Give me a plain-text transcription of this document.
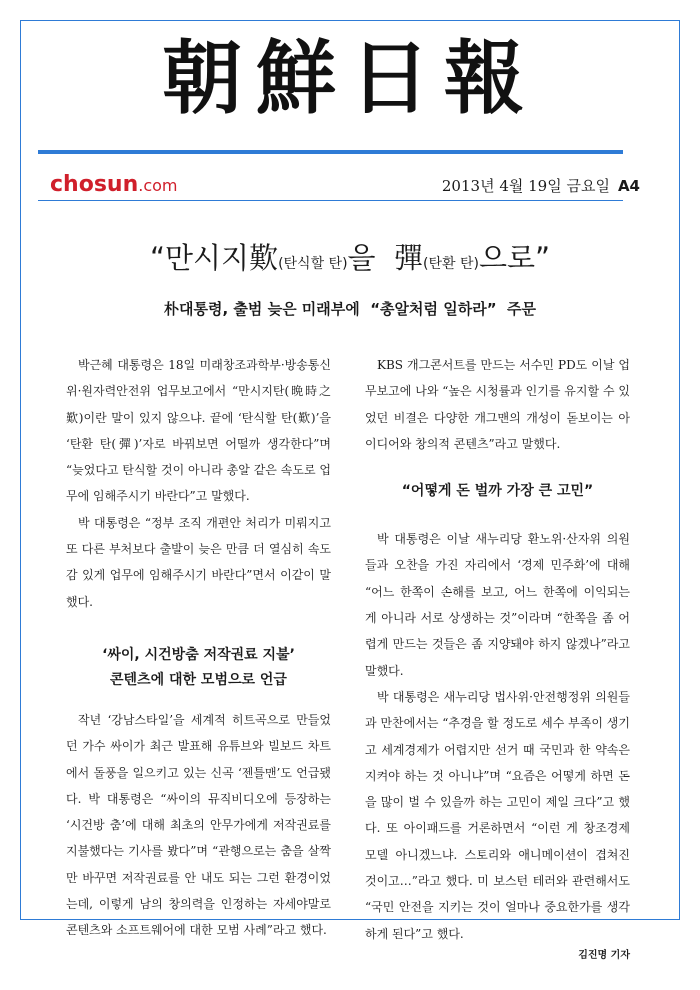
朝鮮日報
chosun.com	2013년 4월 19일 금요일 A4
“만시지歎(탄식할 탄)을  彈(탄환 탄)으로”
朴대통령, 출범 늦은 미래부에  “총알처럼 일하라”  주문

박근혜 대통령은 18일 미래창조과학부·방송통신위·원자력안전위 업무보고에서 “만시지탄(晩時之歎)이란 말이 있지 않으냐. 끝에 ‘탄식할 탄(歎)’을 ‘탄환 탄(彈)’자로 바꿔보면 어떨까 생각한다”며 “늦었다고 탄식할 것이 아니라 총알 같은 속도로 업무에 임해주시기 바란다”고 말했다.

박 대통령은 “정부 조직 개편안 처리가 미뤄지고 또 다른 부처보다 출발이 늦은 만큼 더 열심히 속도감 있게 업무에 임해주시기 바란다”면서 이같이 말했다.

‘싸이, 시건방춤 저작권료 지불’
콘텐츠에 대한 모범으로 언급

작년 ‘강남스타일’을 세계적 히트곡으로 만들었던 가수 싸이가 최근 발표해 유튜브와 빌보드 차트에서 돌풍을 일으키고 있는 신곡 ‘젠틀맨’도 언급됐다. 박 대통령은 “싸이의 뮤직비디오에 등장하는 ‘시건방 춤’에 대해 최초의 안무가에게 저작권료를 지불했다는 기사를 봤다”며 “관행으로는 춤을 살짝만 바꾸면 저작권료를 안 내도 되는 그런 환경이었는데, 이렇게 남의 창의력을 인정하는 자세야말로 콘텐츠와 소프트웨어에 대한 모범 사례”라고 했다.

KBS 개그콘서트를 만드는 서수민 PD도 이날 업무보고에 나와 “높은 시청률과 인기를 유지할 수 있었던 비결은 다양한 개그맨의 개성이 돋보이는 아이디어와 창의적 콘텐츠”라고 말했다.

“어떻게 돈 벌까 가장 큰 고민”

박 대통령은 이날 새누리당 환노위·산자위 의원들과 오찬을 가진 자리에서 ‘경제 민주화’에 대해 “어느 한쪽이 손해를 보고, 어느 한쪽에 이익되는 게 아니라 서로 상생하는 것”이라며 “한쪽을 좀 어렵게 만드는 것들은 좀 지양돼야 하지 않겠나”라고 말했다.

박 대통령은 새누리당 법사위·안전행정위 의원들과 만찬에서는 “추경을 할 정도로 세수 부족이 생기고 세계경제가 어렵지만 선거 때 국민과 한 약속은 지켜야 하는 것 아니냐”며 “요즘은 어떻게 하면 돈을 많이 벌 수 있을까 하는 고민이 제일 크다”고 했다. 또 아이패드를 거론하면서 “이런 게 창조경제 모델 아니겠느냐. 스토리와 애니메이션이 겹쳐진 것이고…”라고 했다. 미 보스턴 테러와 관련해서도 “국민 안전을 지키는 것이 얼마나 중요한가를 생각하게 된다”고 했다.

김진명 기자
